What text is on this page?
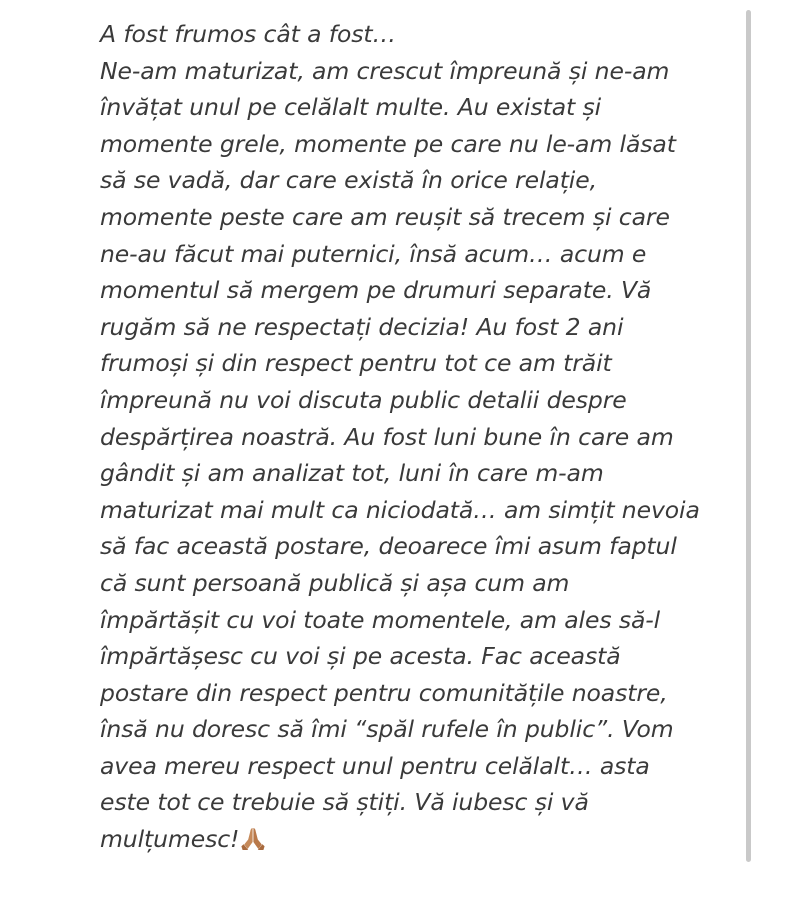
A fost frumos cât a fost…
Ne-am maturizat, am crescut împreună și ne-am
învățat unul pe celălalt multe. Au existat și
momente grele, momente pe care nu le-am lăsat
să se vadă, dar care există în orice relație,
momente peste care am reușit să trecem și care
ne-au făcut mai puternici, însă acum… acum e
momentul să mergem pe drumuri separate. Vă
rugăm să ne respectați decizia! Au fost 2 ani
frumoși și din respect pentru tot ce am trăit
împreună nu voi discuta public detalii despre
despărțirea noastră. Au fost luni bune în care am
gândit și am analizat tot, luni în care m-am
maturizat mai mult ca niciodată… am simțit nevoia
să fac această postare, deoarece îmi asum faptul
că sunt persoană publică și așa cum am
împărtășit cu voi toate momentele, am ales să-l
împărtășesc cu voi și pe acesta. Fac această
postare din respect pentru comunitățile noastre,
însă nu doresc să îmi “spăl rufele în public”. Vom
avea mereu respect unul pentru celălalt… asta
este tot ce trebuie să știți. Vă iubesc și vă
mulțumesc!
